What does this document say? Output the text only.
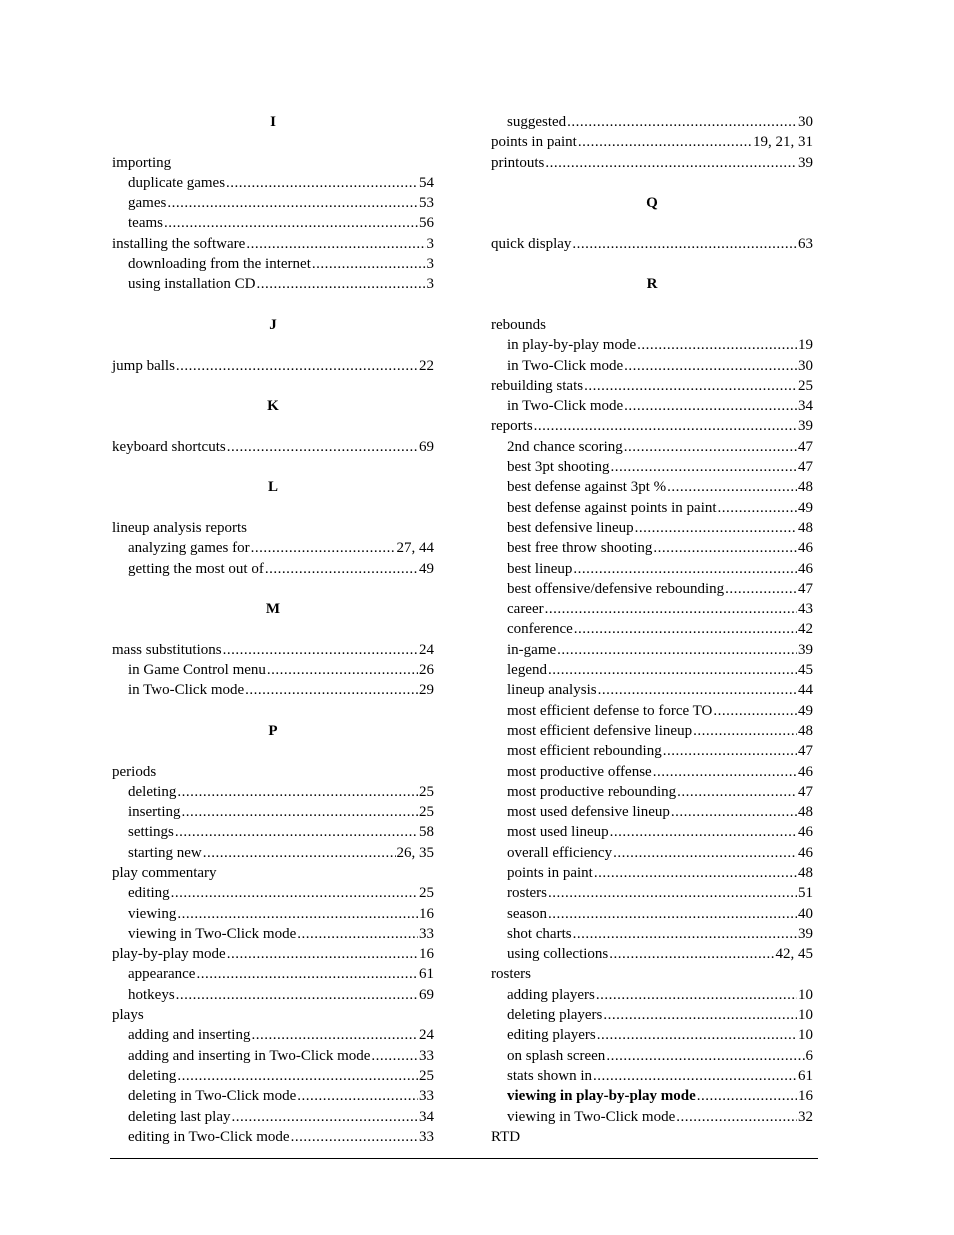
I
importing
duplicate games .....	54
games .....	53
teams .....	56
installing the software .....	3
downloading from the internet .....	3
using installation CD .....	3
J
jump balls .....	22
K
keyboard shortcuts .....	69
L
lineup analysis reports
analyzing games for .....	27, 44
getting the most out of .....	49
M
mass substitutions .....	24
in Game Control menu .....	26
in Two-Click mode .....	29
P
periods
deleting .....	25
inserting .....	25
settings .....	58
starting new .....	26, 35
play commentary
editing .....	25
viewing .....	16
viewing in Two-Click mode .....	33
play-by-play mode .....	16
appearance .....	61
hotkeys .....	69
plays
adding and inserting .....	24
adding and inserting in Two-Click mode .....	33
deleting .....	25
deleting in Two-Click mode .....	33
deleting last play .....	34
editing in Two-Click mode .....	33
suggested .....	30
points in paint .....	19, 21, 31
printouts .....	39
Q
quick display .....	63
R
rebounds
in play-by-play mode .....	19
in Two-Click mode .....	30
rebuilding stats .....	25
in Two-Click mode .....	34
reports .....	39
2nd chance scoring .....	47
best 3pt shooting .....	47
best defense against 3pt % .....	48
best defense against points in paint .....	49
best defensive lineup .....	48
best free throw shooting .....	46
best lineup .....	46
best offensive/defensive rebounding .....	47
career .....	43
conference .....	42
in-game .....	39
legend .....	45
lineup analysis .....	44
most efficient defense to force TO .....	49
most efficient defensive lineup .....	48
most efficient rebounding .....	47
most productive offense .....	46
most productive rebounding .....	47
most used defensive lineup .....	48
most used lineup .....	46
overall efficiency .....	46
points in paint .....	48
rosters .....	51
season .....	40
shot charts .....	39
using collections .....	42, 45
rosters
adding players .....	10
deleting players .....	10
editing players .....	10
on splash screen .....	6
stats shown in .....	61
viewing in play-by-play mode .....	16
viewing in Two-Click mode .....	32
RTD
